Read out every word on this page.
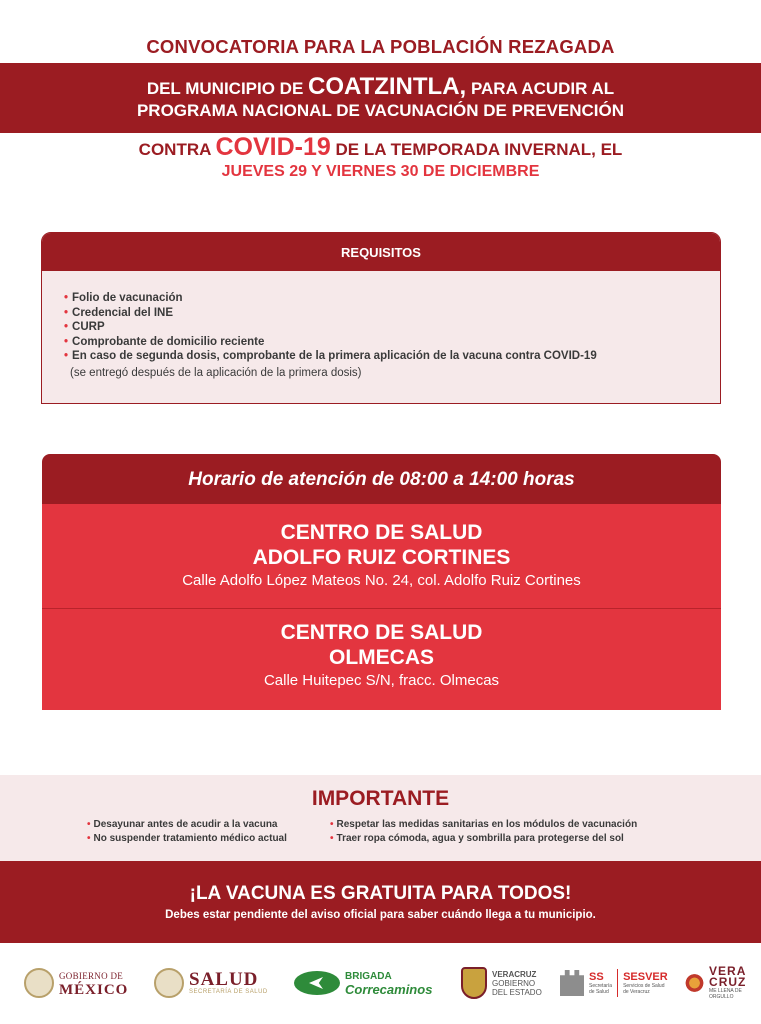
CONVOCATORIA PARA LA POBLACIÓN REZAGADA
DEL MUNICIPIO DE COATZINTLA, PARA ACUDIR AL
PROGRAMA NACIONAL DE VACUNACIÓN DE PREVENCIÓN
CONTRA COVID-19 DE LA TEMPORADA INVERNAL, EL
JUEVES 29 Y VIERNES 30 DE DICIEMBRE
REQUISITOS
• Folio de vacunación
• Credencial del INE
• CURP
• Comprobante de domicilio reciente
• En caso de segunda dosis, comprobante de la primera aplicación de la vacuna contra COVID-19
(se entregó después de la aplicación de la primera dosis)
Horario de atención de 08:00 a 14:00 horas
CENTRO DE SALUD
ADOLFO RUIZ CORTINES
Calle Adolfo López Mateos No. 24, col. Adolfo Ruiz Cortines
CENTRO DE SALUD
OLMECAS
Calle Huitepec S/N, fracc. Olmecas
IMPORTANTE
• Desayunar antes de acudir a la vacuna
• No suspender tratamiento médico actual
• Respetar las medidas sanitarias en los módulos de vacunación
• Traer ropa cómoda, agua y sombrilla para protegerse del sol
¡LA VACUNA ES GRATUITA PARA TODOS!
Debes estar pendiente del aviso oficial para saber cuándo llega a tu municipio.
GOBIERNO DE
MÉXICO	SALUD
SECRETARÍA DE SALUD
BRIGADA
Correcaminos
VERACRUZ
GOBIERNO
DEL ESTADO
SS
Secretaría
de Salud
SESVER
Servicios de Salud
de Veracruz
VERA
CRUZ
ME LLENA DE ORGULLO
